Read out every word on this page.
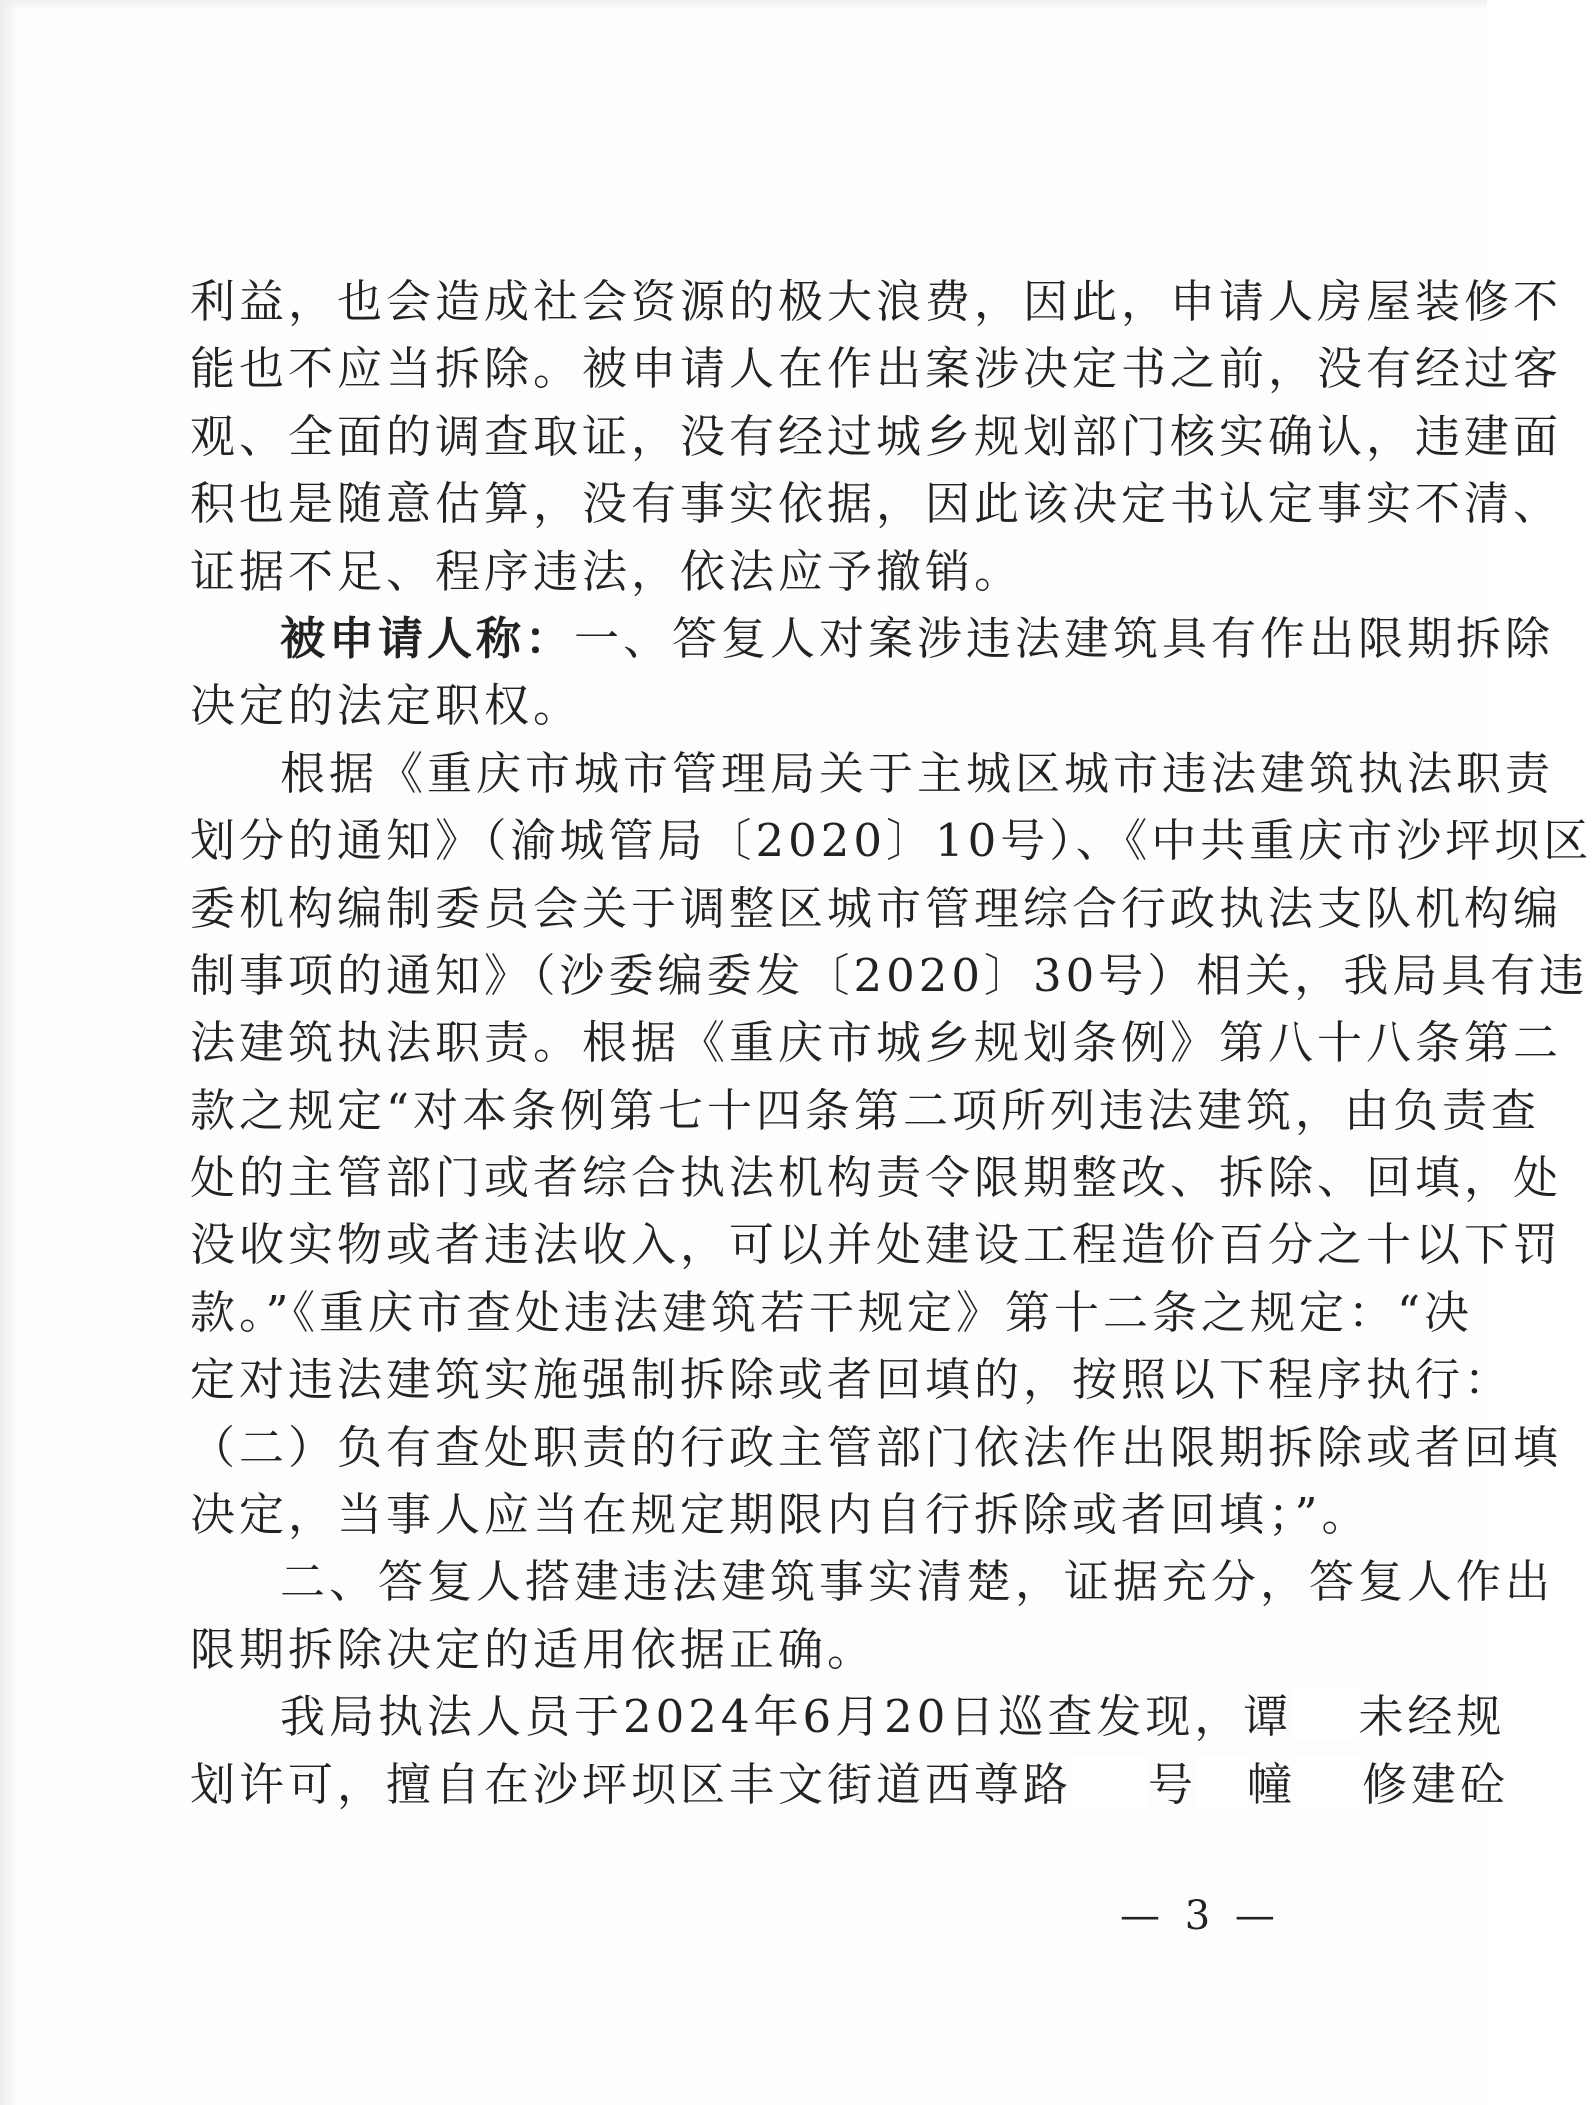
利益，也会造成社会资源的极大浪费，因此，申请人房屋装修不
能也不应当拆除。被申请人在作出案涉决定书之前，没有经过客
观、全面的调查取证，没有经过城乡规划部门核实确认，违建面
积也是随意估算，没有事实依据，因此该决定书认定事实不清、
证据不足、程序违法，依法应予撤销。
被申请人称：一、答复人对案涉违法建筑具有作出限期拆除
决定的法定职权。
根据《重庆市城市管理局关于主城区城市违法建筑执法职责
划分的通知》（渝城管局〔2020〕10号）、《中共重庆市沙坪坝区
委机构编制委员会关于调整区城市管理综合行政执法支队机构编
制事项的通知》（沙委编委发〔2020〕30号）相关，我局具有违
法建筑执法职责。根据《重庆市城乡规划条例》第八十八条第二
款之规定“对本条例第七十四条第二项所列违法建筑，由负责查
处的主管部门或者综合执法机构责令限期整改、拆除、回填，处
没收实物或者违法收入，可以并处建设工程造价百分之十以下罚
款。”《重庆市查处违法建筑若干规定》第十二条之规定：“决
定对违法建筑实施强制拆除或者回填的，按照以下程序执行：
（二）负有查处职责的行政主管部门依法作出限期拆除或者回填
决定，当事人应当在规定期限内自行拆除或者回填；”。
二、答复人搭建违法建筑事实清楚，证据充分，答复人作出
限期拆除决定的适用依据正确。
我局执法人员于2024年6月20日巡查发现，谭 未经规
划许可，擅自在沙坪坝区丰文街道西尊路 号 幢 修建砼
— 3 —
